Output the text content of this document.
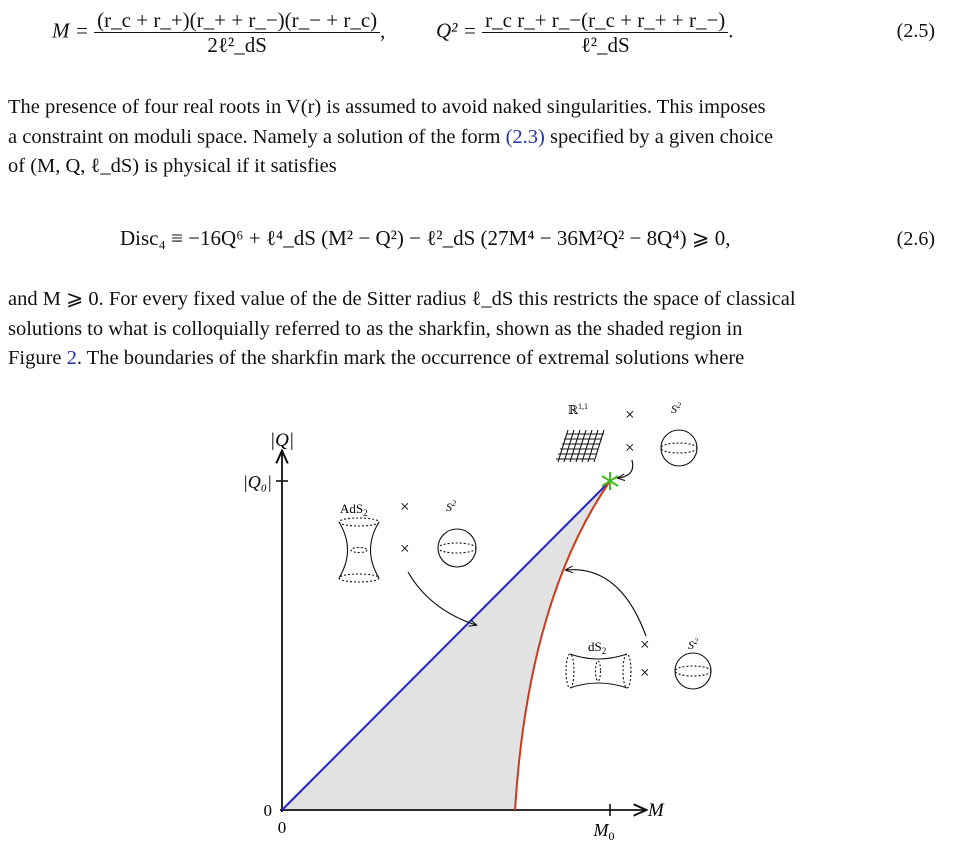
$M = \frac{(r\_c + r\_+)(r\_+ + r\_-)(r\_- + r\_c)}{\text{2ℓ²\_dS}}$ , $Q^2 = \frac{\text{r\_c r\_+ r\_−(r\_c + r\_+ + r\_−)}}{\text{ℓ²\_dS}}$ .	(2.5)
The presence of four real roots in V(r) is assumed to avoid naked singularities. This imposes
a constraint on moduli space. Namely a solution of the form (2.3) specified by a given choice
of (M, Q, ℓ_dS) is physical if it satisfies
Disc₄ ≡ −16Q⁶ + ℓ⁴_dS (M² − Q²) − ℓ²_dS (27M⁴ − 36M²Q² − 8Q⁴) ⩾ 0,	(2.6)
and M ⩾ 0. For every fixed value of the de Sitter radius ℓ_dS this restricts the space of classical
solutions to what is colloquially referred to as the sharkfin, shown as the shaded region in
Figure 2. The boundaries of the sharkfin mark the occurrence of extremal solutions where
|Q|
M
|Q₀|
0
0	$M_0$
AdS$_2$ ×	$S^2$
×
ℝ$^{1,1}$ ×	$S^2$
×
$dS_2$ ×	$S^2$
×
